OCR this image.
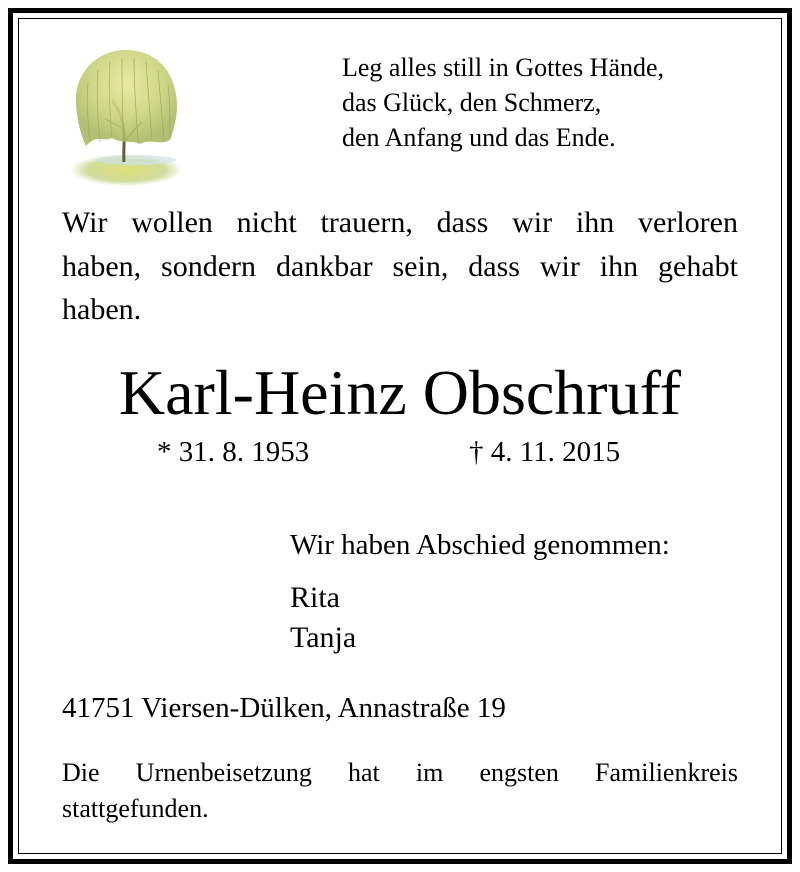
Leg alles still in Gottes Hände,
das Glück, den Schmerz,
den Anfang und das Ende.
Wir wollen nicht trauern, dass wir ihn verloren
haben, sondern dankbar sein, dass wir ihn gehabt
haben.
Karl-Heinz Obschruff
* 31. 8. 1953	† 4. 11. 2015
Wir haben Abschied genommen:
Rita
Tanja
41751 Viersen-Dülken, Annastraße 19
Die Urnenbeisetzung hat im engsten Familienkreis
stattgefunden.
